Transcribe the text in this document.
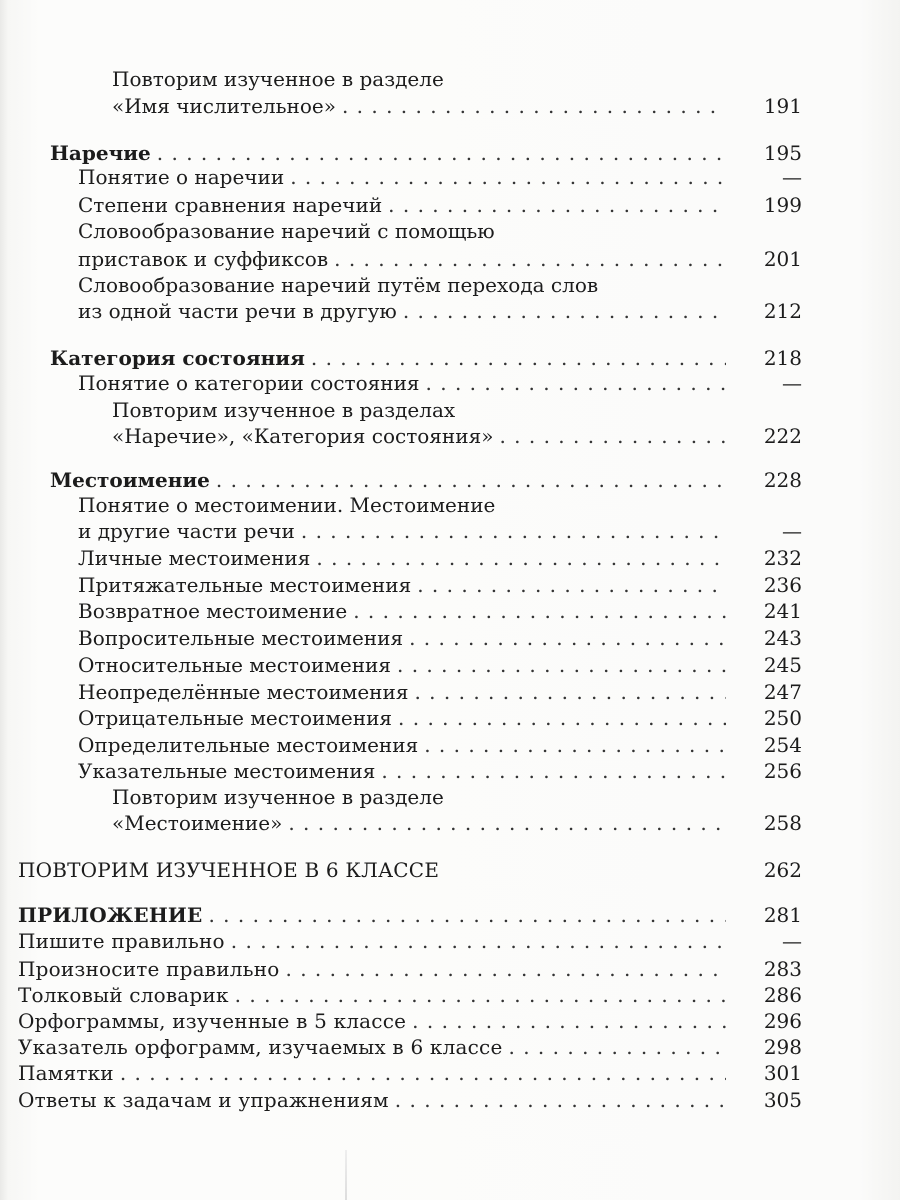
Повторим изученное в разделе
«Имя числительное» . . .	191
Наречие . . .	195
Понятие о наречии . . .	—
Степени сравнения наречий . . .	199
Словообразование наречий с помощью
приставок и суффиксов . . .	201
Словообразование наречий путём перехода слов
из одной части речи в другую . . .	212
Категория состояния . . .	218
Понятие о категории состояния . . .	—
Повторим изученное в разделах
«Наречие», «Категория состояния» . . .	222
Местоимение . . .	228
Понятие о местоимении. Местоимение
и другие части речи . . .	—
Личные местоимения . . .	232
Притяжательные местоимения . . .	236
Возвратное местоимение . . .	241
Вопросительные местоимения . . .	243
Относительные местоимения . . .	245
Неопределённые местоимения . . .	247
Отрицательные местоимения . . .	250
Определительные местоимения . . .	254
Указательные местоимения . . .	256
Повторим изученное в разделе
«Местоимение» . . .	258
ПОВТОРИМ ИЗУЧЕННОЕ В 6 КЛАССЕ	262
ПРИЛОЖЕНИЕ . . .	281
Пишите правильно . . .	—
Произносите правильно . . .	283
Толковый словарик . . .	286
Орфограммы, изученные в 5 классе . . .	296
Указатель орфограмм, изучаемых в 6 классе . . .	298
Памятки . . .	301
Ответы к задачам и упражнениям . . .	305
